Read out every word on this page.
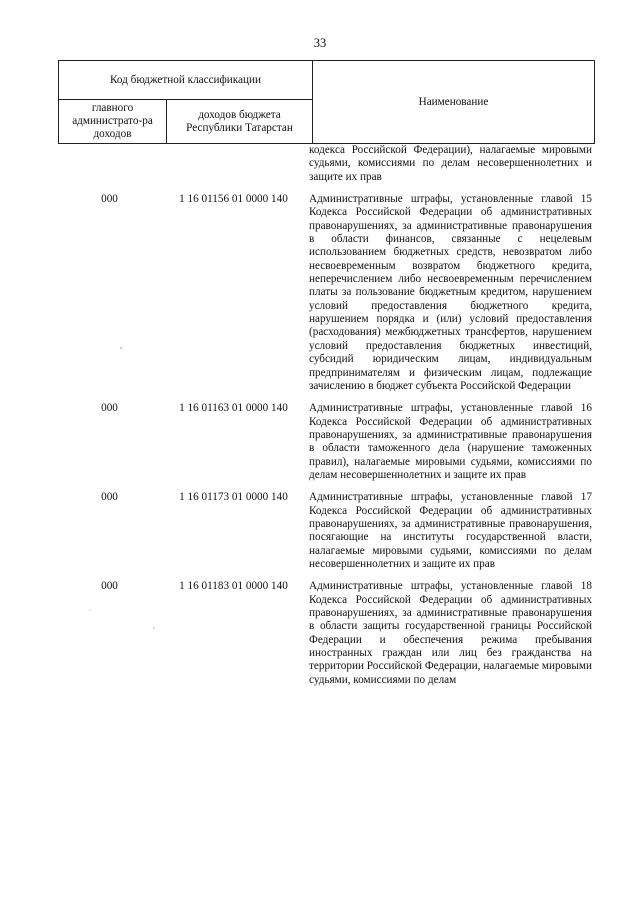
33
Код бюджетной классификации		Наименование
главного администрато-ра доходов	доходов бюджета Республики Татарстан	
кодекса Российской Федерации), налагаемые мировыми судьями, комиссиями по делам несовершеннолетних и защите их прав
000	1 16 01156 01 0000 140	Административные штрафы, установленные главой 15 Кодекса Российской Федерации об административных правонарушениях, за административные правонарушения в области финансов, связанные с нецелевым использованием бюджетных средств, невозвратом либо несвоевременным возвратом бюджетного кредита, неперечислением либо несвоевременным перечислением платы за пользование бюджетным кредитом, нарушением условий предоставления бюджетного кредита, нарушением порядка и (или) условий предоставления (расходования) межбюджетных трансфертов, нарушением условий предоставления бюджетных инвестиций, субсидий юридическим лицам, индивидуальным предпринимателям и физическим лицам, подлежащие зачислению в бюджет субъекта Российской Федерации
000	1 16 01163 01 0000 140	Административные штрафы, установленные главой 16 Кодекса Российской Федерации об административных правонарушениях, за административные правонарушения в области таможенного дела (нарушение таможенных правил), налагаемые мировыми судьями, комиссиями по делам несовершеннолетних и защите их прав
000	1 16 01173 01 0000 140	Административные штрафы, установленные главой 17 Кодекса Российской Федерации об административных правонарушениях, за административные правонарушения, посягающие на институты государственной власти, налагаемые мировыми судьями, комиссиями по делам несовершеннолетних и защите их прав
000	1 16 01183 01 0000 140	Административные штрафы, установленные главой 18 Кодекса Российской Федерации об административных правонарушениях, за административные правонарушения в области защиты государственной границы Российской Федерации и обеспечения режима пребывания иностранных граждан или лиц без гражданства на территории Российской Федерации, налагаемые мировыми судьями, комиссиями по делам
